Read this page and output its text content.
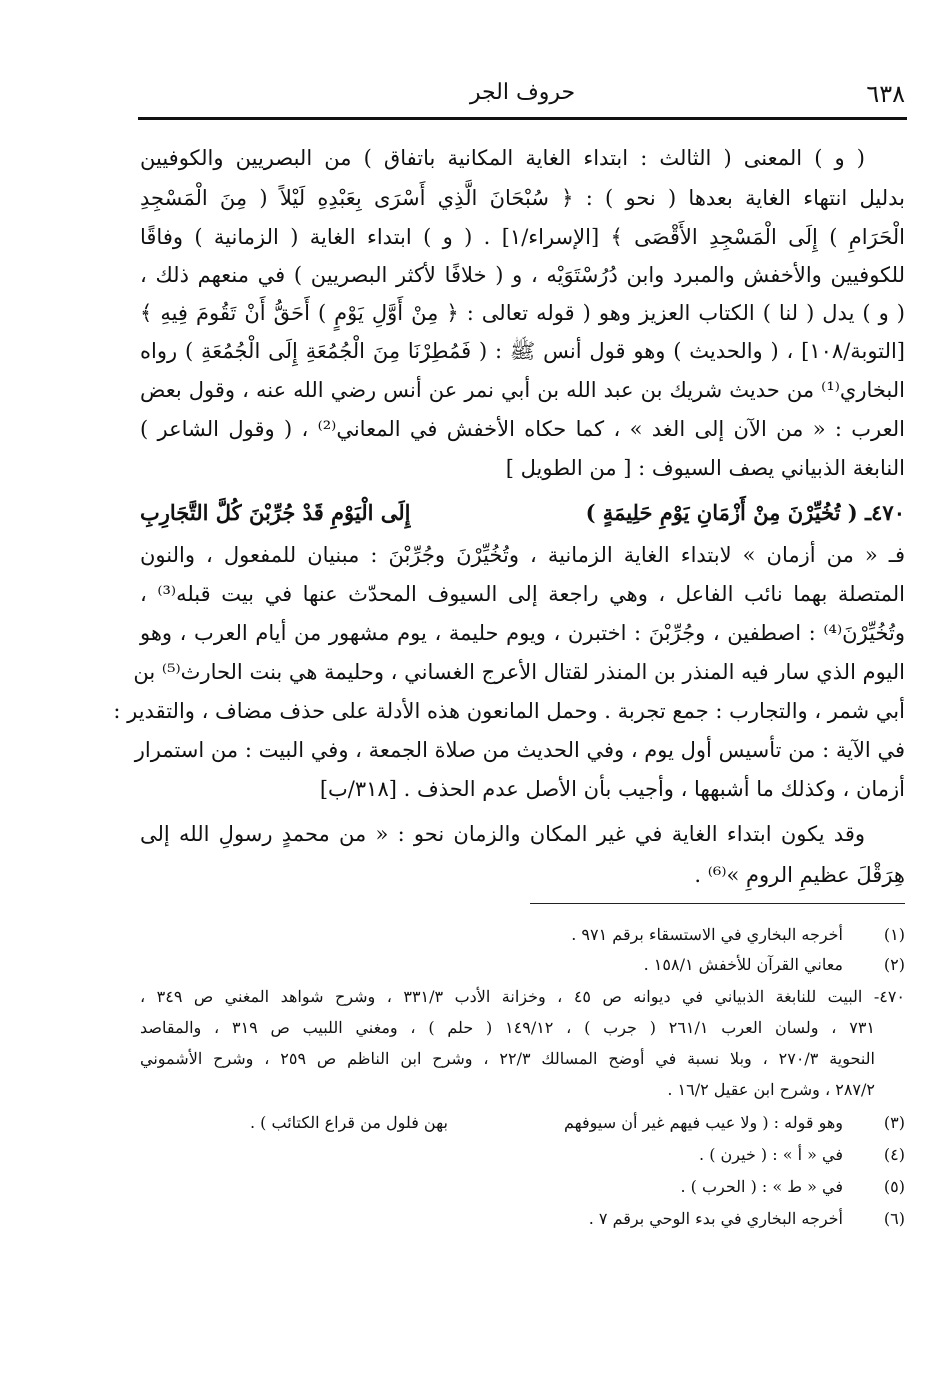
٦٣٨
حروف الجر
( و ) المعنى ( الثالث : ابتداء الغاية المكانية باتفاق ) من البصريين والكوفيين
بدليل انتهاء الغاية بعدها ( نحو ) : ﴿ سُبْحَانَ الَّذِي أَسْرَى بِعَبْدِهِ لَيْلاً ( مِنَ الْمَسْجِدِ
الْحَرَامِ ) إِلَى الْمَسْجِدِ الأَقْصَى ﴾ [الإسراء/١] . ( و ) ابتداء الغاية ( الزمانية ) وفاقًا
للكوفيين والأخفش والمبرد وابن دُرُسْتَوَيْه ، و ( خلافًا لأكثر البصريين ) في منعهم ذلك ،
( و ) يدل ( لنا ) الكتاب العزيز وهو ( قوله تعالى : ﴿ مِنْ أَوَّلِ يَوْمٍ ) أَحَقُّ أَنْ تَقُومَ فِيهِ ﴾
[التوبة/١٠٨] ، ( والحديث ) وهو قول أنس ﷺ : ( فَمُطِرْنَا مِنَ الْجُمُعَةِ إِلَى الْجُمُعَةِ ) رواه
البخاري⁽¹⁾ من حديث شريك بن عبد الله بن أبي نمر عن أنس رضي الله عنه ، وقول بعض
العرب : « من الآن إلى الغد » ، كما حكاه الأخفش في المعاني⁽²⁾ ، ( وقول الشاعر )
النابغة الذبياني يصف السيوف : [ من الطويل ]
٤٧٠ـ ( تُخُيِّرْنَ مِنْ أَزْمَانِ يَوْمِ حَلِيمَةٍ )
إِلَى الْيَوْمِ قَدْ جُرِّبْنَ كُلَّ التَّجَارِبِ
فـ « من أزمان » لابتداء الغاية الزمانية ، وتُخُيِّرْنَ وجُرِّبْنَ : مبنيان للمفعول ، والنون
المتصلة بهما نائب الفاعل ، وهي راجعة إلى السيوف المحدّث عنها في بيت قبله⁽³⁾ ،
وتُخُيِّرْنَ⁽⁴⁾ : اصطفين ، وجُرِّبْنَ : اختبرن ، ويوم حليمة ، يوم مشهور من أيام العرب ، وهو
اليوم الذي سار فيه المنذر بن المنذر لقتال الأعرج الغساني ، وحليمة هي بنت الحارث⁽⁵⁾ بن
أبي شمر ، والتجارب : جمع تجربة . وحمل المانعون هذه الأدلة على حذف مضاف ، والتقدير :
في الآية : من تأسيس أول يوم ، وفي الحديث من صلاة الجمعة ، وفي البيت : من استمرار
أزمان ، وكذلك ما أشبهها ، وأجيب بأن الأصل عدم الحذف . [٣١٨/ب]
وقد يكون ابتداء الغاية في غير المكان والزمان نحو : « من محمدٍ رسولِ الله إلى
هِرَقْلَ عظيمِ الرومِ »⁽⁶⁾ .
(١)
أخرجه البخاري في الاستسقاء برقم ٩٧١ .
(٢)
معاني القرآن للأخفش ١٥٨/١ .
٤٧٠- البيت للنابغة الذبياني في ديوانه ص ٤٥ ، وخزانة الأدب ٣٣١/٣ ، وشرح شواهد المغني ص ٣٤٩ ،
٧٣١ ، ولسان العرب ٢٦١/١ ( جرب ) ، ١٤٩/١٢ ( حلم ) ، ومغني اللبيب ص ٣١٩ ، والمقاصد
النحوية ٢٧٠/٣ ، وبلا نسبة في أوضح المسالك ٢٢/٣ ، وشرح ابن الناظم ص ٢٥٩ ، وشرح الأشموني
٢٨٧/٢ ، وشرح ابن عقيل ١٦/٢ .
(٣)
وهو قوله : ( ولا عيب فيهم غير أن سيوفهم
بهن فلول من قراع الكتائب ) .
(٤)
في « أ » : ( خيرن ) .
(٥)
في « ط » : ( الحرب ) .
(٦)
أخرجه البخاري في بدء الوحي برقم ٧ .
